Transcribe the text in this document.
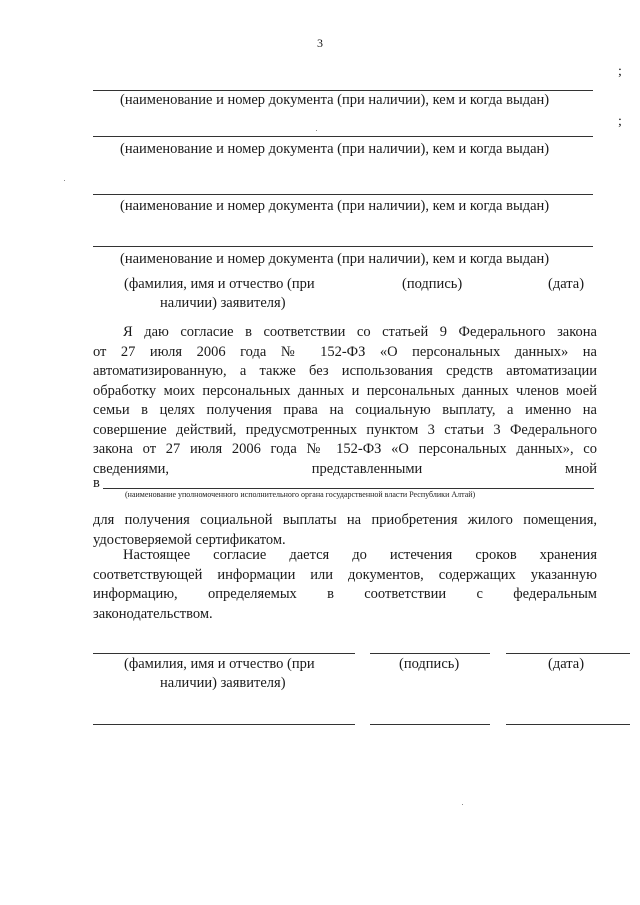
3
;
;
(наименование и номер документа (при наличии), кем и когда выдан)
(наименование и номер документа (при наличии), кем и когда выдан)
(наименование и номер документа (при наличии), кем и когда выдан)
(наименование и номер документа (при наличии), кем и когда выдан)
(фамилия, имя и отчество (при
наличии) заявителя)
(подпись)	(дата)
Я даю согласие в соответствии со статьей 9 Федерального закона
от 27 июля 2006 года № 152-ФЗ «О персональных данных» на
автоматизированную, а также без использования средств автоматизации
обработку моих персональных данных и персональных данных членов моей
семьи в целях получения права на социальную выплату, а именно на
совершение действий, предусмотренных пунктом 3 статьи 3 Федерального
закона от 27 июля 2006 года № 152-ФЗ «О персональных данных», со
сведениями, представленными мной
в
(наименование уполномоченного исполнительного органа государственной власти Республики Алтай)
для получения социальной выплаты на приобретения жилого помещения,
удостоверяемой сертификатом.
Настоящее согласие дается до истечения сроков хранения
соответствующей информации или документов, содержащих указанную
информацию, определяемых в соответствии с федеральным
законодательством.
(фамилия, имя и отчество (при
наличии) заявителя)
(подпись)	(дата)
